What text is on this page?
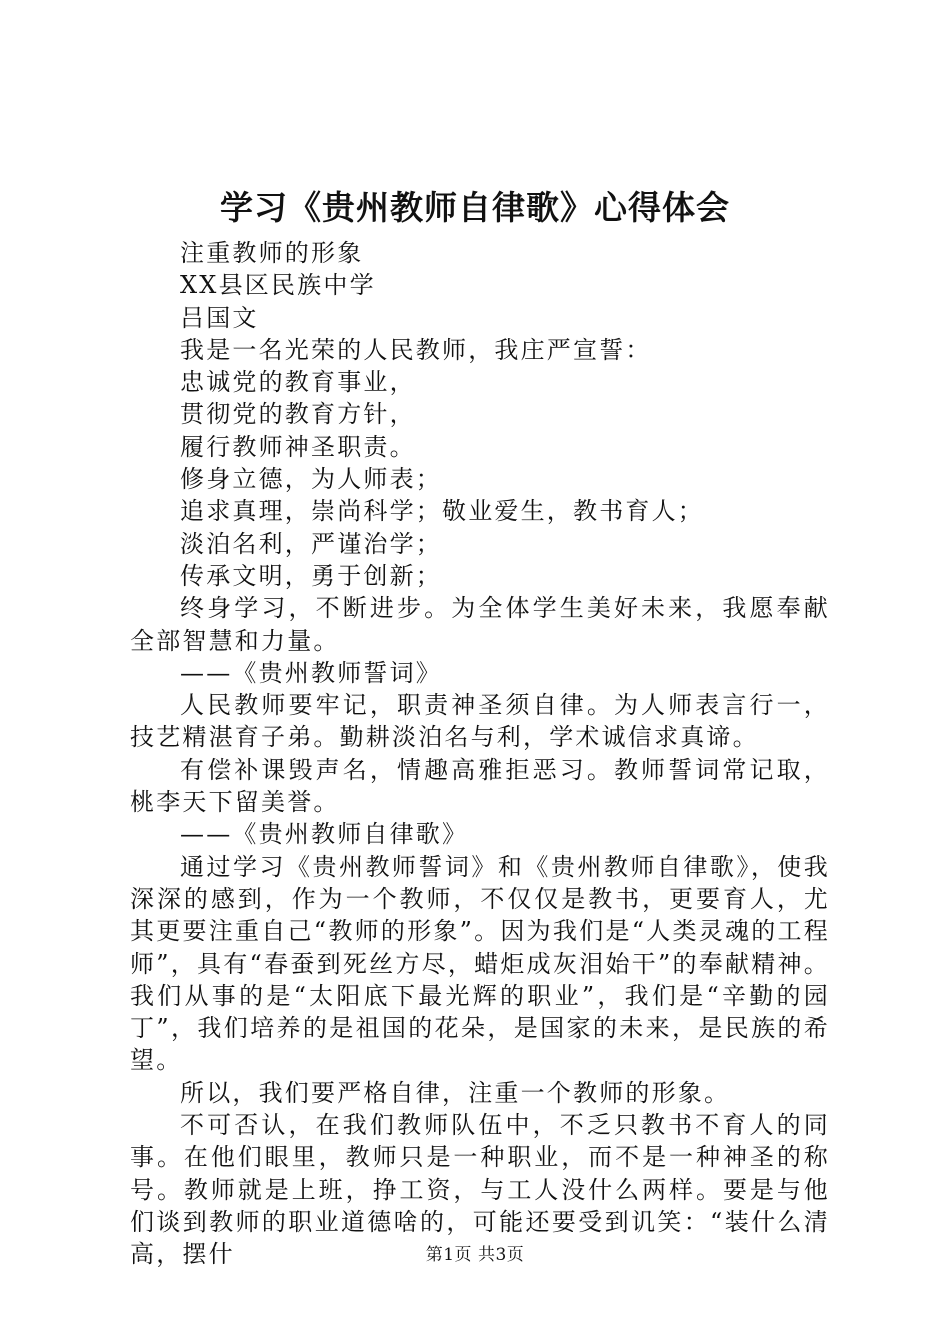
学习《贵州教师自律歌》心得体会

注重教师的形象

XX县区民族中学

吕国文

我是一名光荣的人民教师，我庄严宣誓：

忠诚党的教育事业，

贯彻党的教育方针，

履行教师神圣职责。

修身立德，为人师表；

追求真理，崇尚科学；敬业爱生，教书育人；

淡泊名利，严谨治学；

传承文明，勇于创新；

终身学习，不断进步。为全体学生美好未来，我愿奉献全部智慧和力量。

——《贵州教师誓词》

人民教师要牢记，职责神圣须自律。为人师表言行一，技艺精湛育子弟。勤耕淡泊名与利，学术诚信求真谛。

有偿补课毁声名，情趣高雅拒恶习。教师誓词常记取，桃李天下留美誉。

——《贵州教师自律歌》

通过学习《贵州教师誓词》和《贵州教师自律歌》，使我深深的感到，作为一个教师，不仅仅是教书，更要育人，尤其更要注重自己“教师的形象”。因为我们是“人类灵魂的工程师”，具有“春蚕到死丝方尽，蜡炬成灰泪始干”的奉献精神。我们从事的是“太阳底下最光辉的职业”，我们是“辛勤的园丁”，我们培养的是祖国的花朵，是国家的未来，是民族的希望。

所以，我们要严格自律，注重一个教师的形象。

不可否认，在我们教师队伍中，不乏只教书不育人的同事。在他们眼里，教师只是一种职业，而不是一种神圣的称号。教师就是上班，挣工资，与工人没什么两样。要是与他们谈到教师的职业道德啥的，可能还要受到讥笑：“装什么清高，摆什	第1页 共3页
